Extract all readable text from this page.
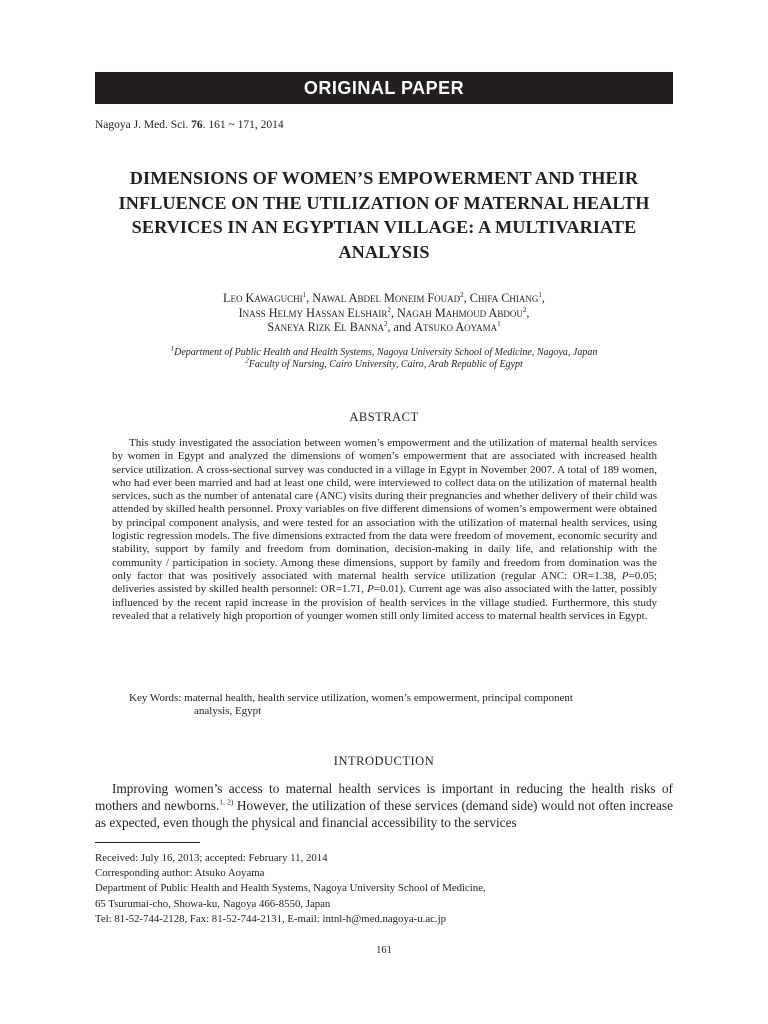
ORIGINAL PAPER
Nagoya J. Med. Sci. 76. 161 ~ 171, 2014
DIMENSIONS OF WOMEN’S EMPOWERMENT AND THEIR INFLUENCE ON THE UTILIZATION OF MATERNAL HEALTH SERVICES IN AN EGYPTIAN VILLAGE: A MULTIVARIATE ANALYSIS
Leo Kawaguchi$^1$, Nawal Abdel Moneim Fouad$^2$, Chifa Chiang$^1$,
Inass Helmy Hassan Elshair$^2$, Nagah Mahmoud Abdou$^2$,
Saneya Rizk El Banna$^2$, and Atsuko Aoyama$^1$
$^1$Department of Public Health and Health Systems, Nagoya University School of Medicine, Nagoya, Japan
$^2$Faculty of Nursing, Cairo University, Cairo, Arab Republic of Egypt
ABSTRACT

This study investigated the association between women’s empowerment and the utilization of maternal health services by women in Egypt and analyzed the dimensions of women’s empowerment that are associated with increased health service utilization. A cross-sectional survey was conducted in a village in Egypt in November 2007. A total of 189 women, who had ever been married and had at least one child, were interviewed to collect data on the utilization of maternal health services, such as the number of antenatal care (ANC) visits during their pregnancies and whether delivery of their child was attended by skilled health personnel. Proxy variables on five different dimensions of women’s empowerment were obtained by principal component analysis, and were tested for an association with the utilization of maternal health services, using logistic regression models. The five dimensions extracted from the data were freedom of movement, economic security and stability, support by family and freedom from domination, decision-making in daily life, and relationship with the community / participation in society. Among these dimensions, support by family and freedom from domination was the only factor that was positively associated with maternal health service utilization (regular ANC: OR=1.38, P=0.05; deliveries assisted by skilled health personnel: OR=1.71, P=0.01). Current age was also associated with the latter, possibly influenced by the recent rapid increase in the provision of health services in the village studied. Furthermore, this study revealed that a relatively high proportion of younger women still only limited access to maternal health services in Egypt.

Key Words: maternal health, health service utilization, women’s empowerment, principal component
analysis, Egypt
INTRODUCTION

Improving women’s access to maternal health services is important in reducing the health risks of mothers and newborns.$^{1, 2)}$ However, the utilization of these services (demand side) would not often increase as expected, even though the physical and financial accessibility to the services

Received: July 16, 2013; accepted: February 11, 2014
Corresponding author: Atsuko Aoyama
Department of Public Health and Health Systems, Nagoya University School of Medicine,
65 Tsurumai-cho, Showa-ku, Nagoya 466-8550, Japan
Tel: 81-52-744-2128, Fax: 81-52-744-2131, E-mail: intnl-h@med.nagoya-u.ac.jp
161
